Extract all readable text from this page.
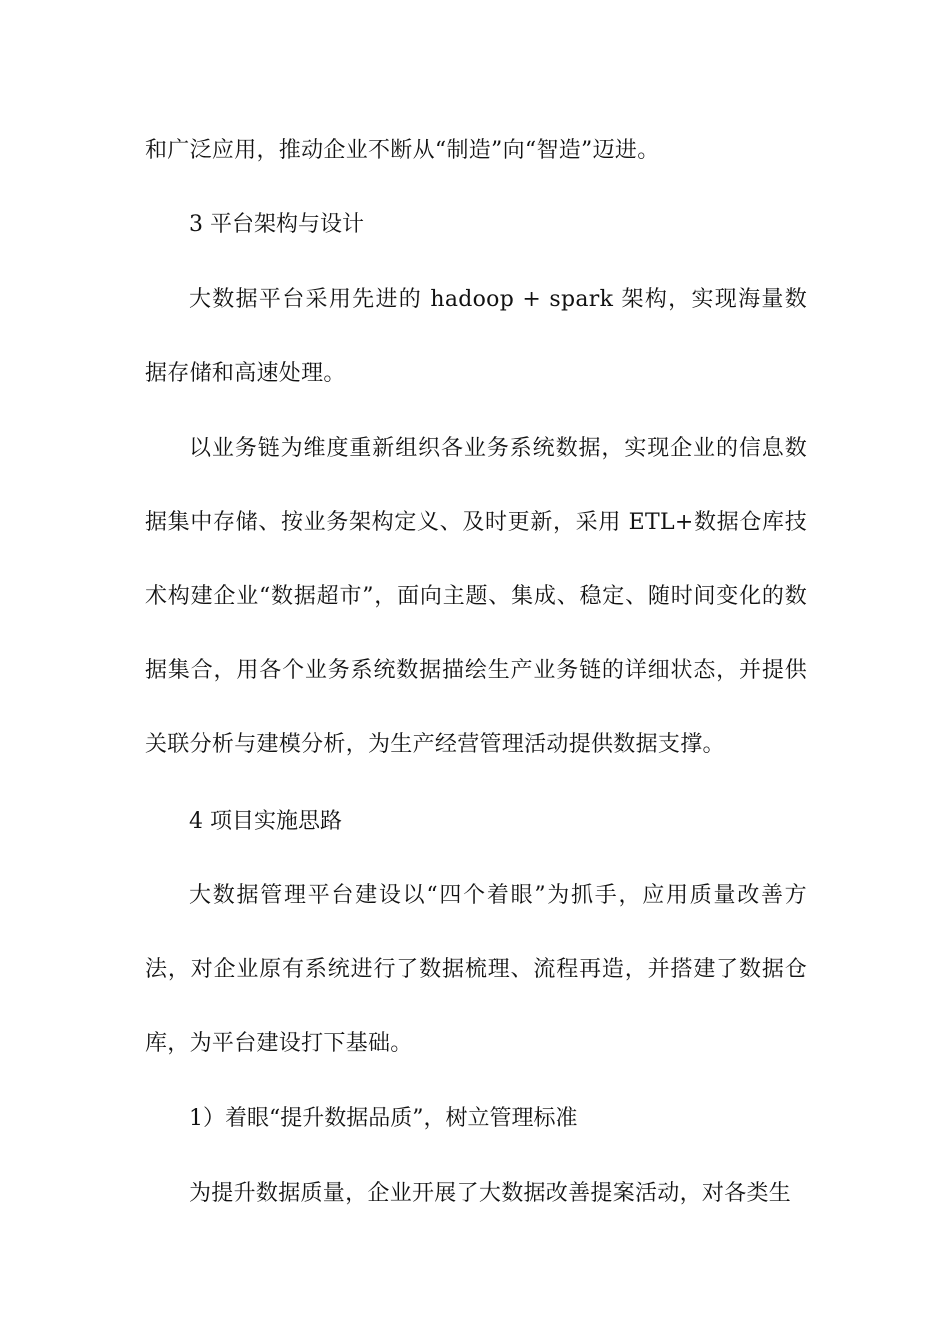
和广泛应用，推动企业不断从“制造”向“智造”迈进。

3 平台架构与设计

大数据平台采用先进的 hadoop + spark 架构，实现海量数据存储和高速处理。

以业务链为维度重新组织各业务系统数据，实现企业的信息数据集中存储、按业务架构定义、及时更新，采用 ETL+数据仓库技术构建企业“数据超市”，面向主题、集成、稳定、随时间变化的数据集合，用各个业务系统数据描绘生产业务链的详细状态，并提供关联分析与建模分析，为生产经营管理活动提供数据支撑。

4 项目实施思路

大数据管理平台建设以“四个着眼”为抓手，应用质量改善方法，对企业原有系统进行了数据梳理、流程再造，并搭建了数据仓库，为平台建设打下基础。

1）着眼“提升数据品质”，树立管理标准

为提升数据质量，企业开展了大数据改善提案活动，对各类生
